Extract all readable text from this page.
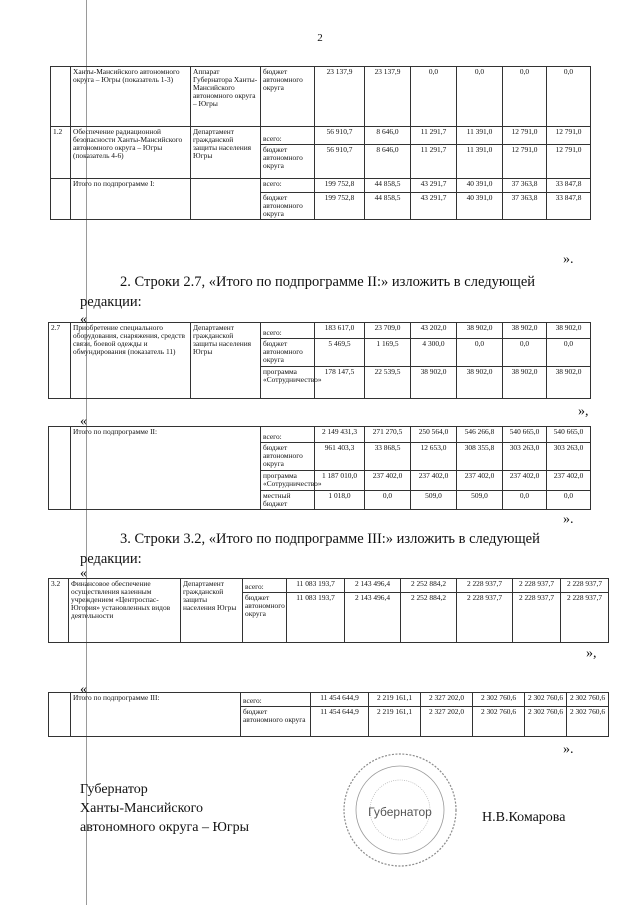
2
	Ханты-Мансийского автономного округа – Югры (показатель 1-3)	Аппарат Губернатора Ханты-Мансийского автономного округа – Югры	бюджет автономного округа	23 137,9	23 137,9	0,0	0,0	0,0	0,0
1.2	Обеспечение радиационной безопасности Ханты-Мансийского автономного округа – Югры (показатель 4-6)	Департамент гражданской защиты населения Югры	всего:	56 910,7	8 646,0	11 291,7	11 391,0	12 791,0	12 791,0
			бюджет автономного округа	56 910,7	8 646,0	11 291,7	11 391,0	12 791,0	12 791,0
	Итого по подпрограмме I:		всего:	199 752,8	44 858,5	43 291,7	40 391,0	37 363,8	33 847,8
			бюджет автономного округа	199 752,8	44 858,5	43 291,7	40 391,0	37 363,8	33 847,8
».
2. Строки 2.7, «Итого по подпрограмме II:» изложить в следующей
редакции:
«
2.7	Приобретение специального оборудования, снаряжения, средств связи, боевой одежды и обмундирования (показатель 11)	Департамент гражданской защиты населения Югры	всего:	183 617,0	23 709,0	43 202,0	38 902,0	38 902,0	38 902,0
			бюджет автономного округа	5 469,5	1 169,5	4 300,0	0,0	0,0	0,0
			программа «Сотрудничество»	178 147,5	22 539,5	38 902,0	38 902,0	38 902,0	38 902,0
»,
«
	Итого по подпрограмме II:	всего:	2 149 431,3	271 270,5	250 564,0	546 266,8	540 665,0	540 665,0
		бюджет автономного округа	961 403,3	33 868,5	12 653,0	308 355,8	303 263,0	303 263,0
		программа «Сотрудничество»	1 187 010,0	237 402,0	237 402,0	237 402,0	237 402,0	237 402,0
		местный бюджет	1 018,0	0,0	509,0	509,0	0,0	0,0
».
3. Строки 3.2, «Итого по подпрограмме III:» изложить в следующей
редакции:
«
3.2	Финансовое обеспечение осуществления казенным учреждением «Центроспас-Югория» установленных видов деятельности	Департамент гражданской защиты населения Югры	всего:	11 083 193,7	2 143 496,4	2 252 884,2	2 228 937,7	2 228 937,7	2 228 937,7
			бюджет автономного округа	11 083 193,7	2 143 496,4	2 252 884,2	2 228 937,7	2 228 937,7	2 228 937,7
»,
«
	Итого по подпрограмме III:	всего:	11 454 644,9	2 219 161,1	2 327 202,0	2 302 760,6	2 302 760,6	2 302 760,6
		бюджет автономного округа	11 454 644,9	2 219 161,1	2 327 202,0	2 302 760,6	2 302 760,6	2 302 760,6
».
Губернатор
Ханты-Мансийского
автономного округа – Югры
Н.В.Комарова
Губернатор
